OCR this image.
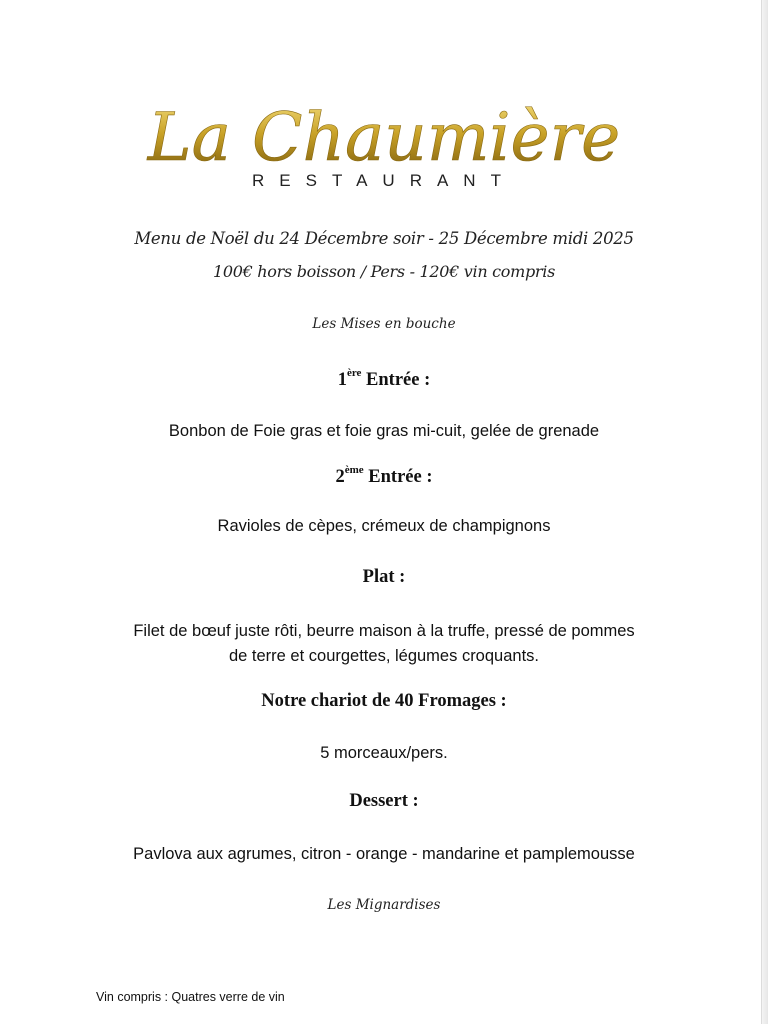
La Chaumière
RESTAURANT
Menu de Noël du 24 Décembre soir - 25 Décembre midi 2025
100€ hors boisson / Pers - 120€ vin compris
Les Mises en bouche
1ère Entrée :
Bonbon de Foie gras et foie gras mi-cuit, gelée de grenade
2ème Entrée :
Ravioles de cèpes, crémeux de champignons
Plat :
Filet de bœuf juste rôti, beurre maison à la truffe, pressé de pommes
de terre et courgettes, légumes croquants.
Notre chariot de 40 Fromages :
5 morceaux/pers.
Dessert :
Pavlova aux agrumes, citron - orange - mandarine et pamplemousse
Les Mignardises
Vin compris : Quatres verre de vin
